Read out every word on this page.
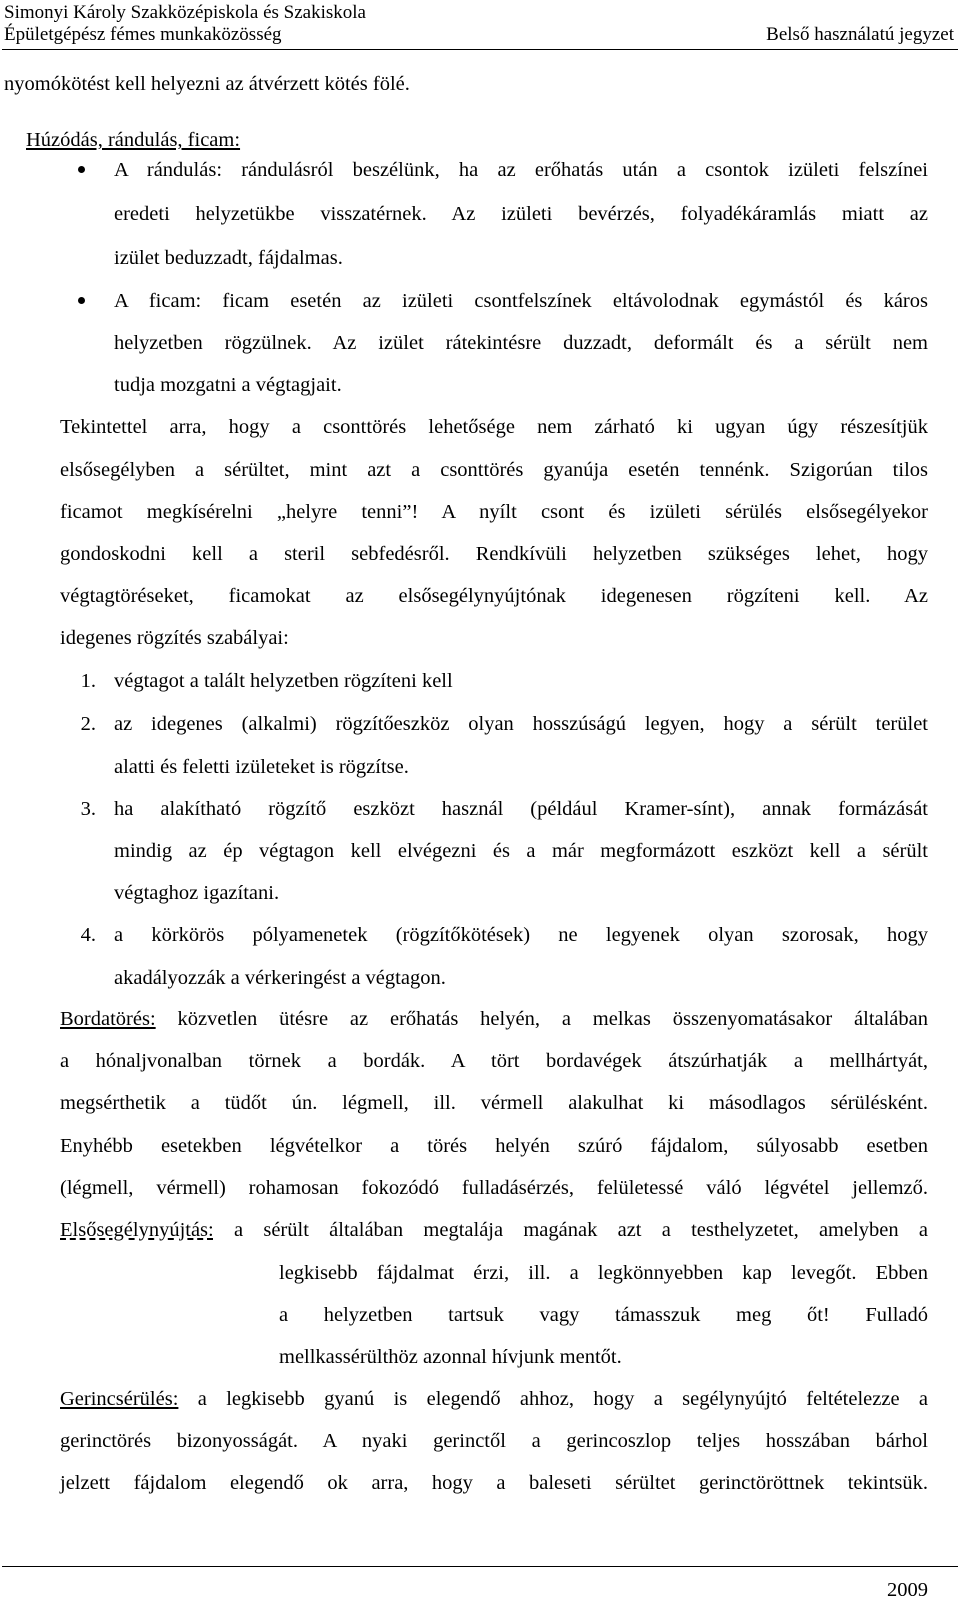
Simonyi Károly Szakközépiskola és Szakiskola
Épületgépész fémes munkaközösség	Belső használatú jegyzet
nyomókötést kell helyezni az átvérzett kötés fölé.
Húzódás, rándulás, ficam:
A rándulás: rándulásról beszélünk, ha az erőhatás után a csontok izületi felszínei
eredeti helyzetükbe visszatérnek. Az izületi bevérzés, folyadékáramlás miatt az
izület beduzzadt, fájdalmas.
A ficam: ficam esetén az izületi csontfelszínek eltávolodnak egymástól és káros
helyzetben rögzülnek. Az izület rátekintésre duzzadt, deformált és a sérült nem
tudja mozgatni a végtagjait.
Tekintettel arra, hogy a csonttörés lehetősége nem zárható ki ugyan úgy részesítjük
elsősegélyben a sérültet, mint azt a csonttörés gyanúja esetén tennénk. Szigorúan tilos
ficamot megkísérelni „helyre tenni”! A nyílt csont és izületi sérülés elsősegélyekor
gondoskodni kell a steril sebfedésről. Rendkívüli helyzetben szükséges lehet, hogy
végtagtöréseket, ficamokat az elsősegélynyújtónak idegenesen rögzíteni kell. Az
idegenes rögzítés szabályai:
1. végtagot a talált helyzetben rögzíteni kell
2. az idegenes (alkalmi) rögzítőeszköz olyan hosszúságú legyen, hogy a sérült terület
alatti és feletti izületeket is rögzítse.
3. ha alakítható rögzítő eszközt használ (például Kramer-sínt), annak formázását
mindig az ép végtagon kell elvégezni és a már megformázott eszközt kell a sérült
végtaghoz igazítani.
4. a körkörös pólyamenetek (rögzítőkötések) ne legyenek olyan szorosak, hogy
akadályozzák a vérkeringést a végtagon.
Bordatörés: közvetlen ütésre az erőhatás helyén, a melkas összenyomatásakor általában
a hónaljvonalban törnek a bordák. A tört bordavégek átszúrhatják a mellhártyát,
megsérthetik a tüdőt ún. légmell, ill. vérmell alakulhat ki másodlagos sérülésként.
Enyhébb esetekben légvételkor a törés helyén szúró fájdalom, súlyosabb esetben
(légmell, vérmell) rohamosan fokozódó fulladásérzés, felületessé váló légvétel jellemző.
Elsősegélynyújtás: a sérült általában megtalája magának azt a testhelyzetet, amelyben a
legkisebb fájdalmat érzi, ill. a legkönnyebben kap levegőt. Ebben
a helyzetben tartsuk vagy támasszuk meg őt! Fulladó
mellkassérülthöz azonnal hívjunk mentőt.
Gerincsérülés: a legkisebb gyanú is elegendő ahhoz, hogy a segélynyújtó feltételezze a
gerinctörés bizonyosságát. A nyaki gerinctől a gerincoszlop teljes hosszában bárhol
jelzett fájdalom elegendő ok arra, hogy a baleseti sérültet gerinctöröttnek tekintsük.
2009
